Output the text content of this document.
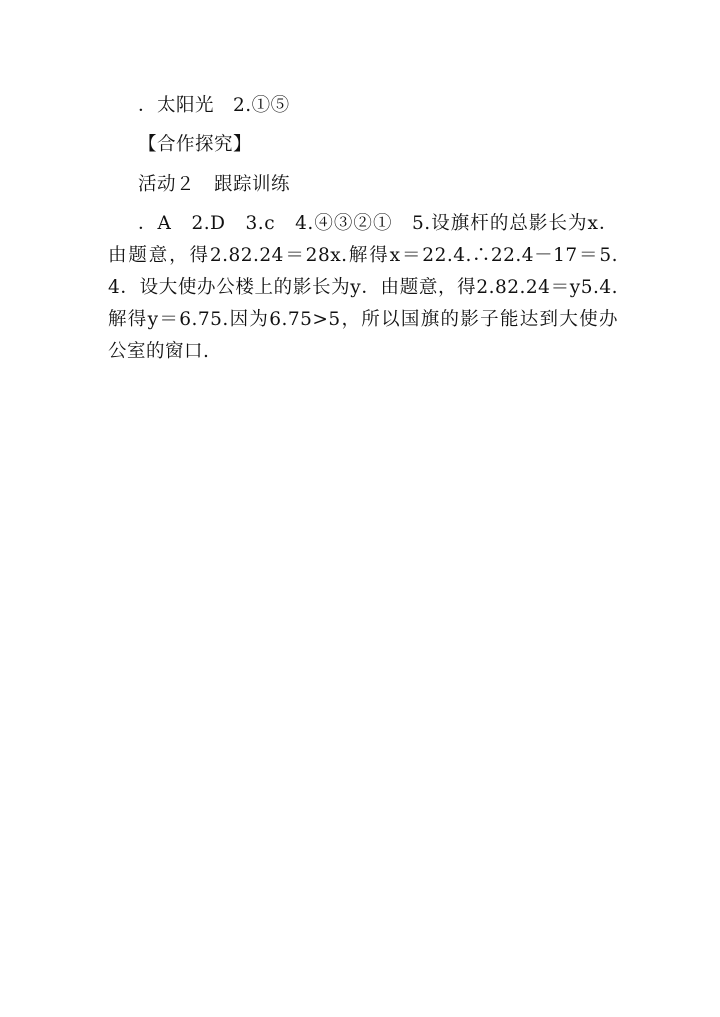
．太阳光　2.①⑤
【合作探究】
活动２　跟踪训练
．A　2.D　3.c　4.④③②①　5.设旗杆的总影长为x．由题意，得2.82.24＝28x.解得x＝22.4.∴22.4－17＝5.4．设大使办公楼上的影长为y．由题意，得2.82.24＝y5.4.解得y＝6.75.因为6.75>5，所以国旗的影子能达到大使办公室的窗口.
